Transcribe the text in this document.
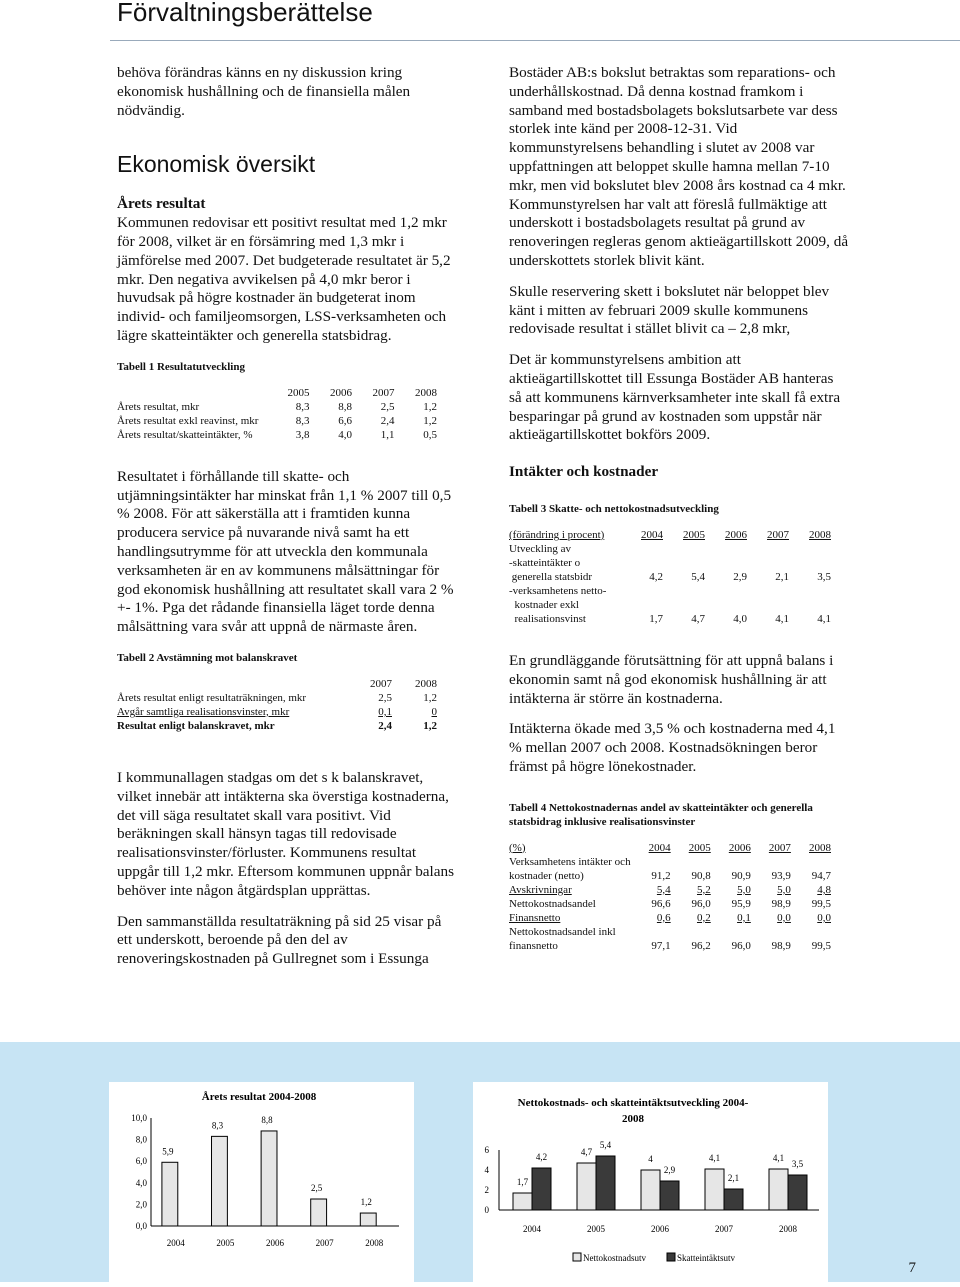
Förvaltningsberättelse

behöva förändras känns en ny diskussion kring ekonomisk hushållning och de finansiella målen nödvändig.

Ekonomisk översikt

Årets resultat

Kommunen redovisar ett positivt resultat med 1,2 mkr för 2008, vilket är en försämring med 1,3 mkr i jämförelse med 2007. Det budgeterade resultatet är 5,2 mkr. Den negativa avvikelsen på 4,0 mkr beror i huvudsak på högre kostnader än budgeterat inom individ- och familjeomsorgen, LSS-verksamheten och lägre skatteintäkter och generella statsbidrag.

Tabell 1 Resultatutveckling

	2005	2006	2007	2008
Årets resultat, mkr	8,3	8,8	2,5	1,2
Årets resultat exkl reavinst, mkr	8,3	6,6	2,4	1,2
Årets resultat/skatteintäkter, %	3,8	4,0	1,1	0,5

Resultatet i förhållande till skatte- och utjämningsintäkter har minskat från 1,1 % 2007 till 0,5 % 2008. För att säkerställa att i framtiden kunna producera service på nuvarande nivå samt ha ett handlingsutrymme för att utveckla den kommunala verksamheten är en av kommunens målsättningar för god ekonomisk hushållning att resultatet skall vara 2 % +- 1%. Pga det rådande finansiella läget torde denna målsättning vara svår att uppnå de närmaste åren.

Tabell 2 Avstämning mot balanskravet

	2007	2008
Årets resultat enligt resultaträkningen, mkr	2,5	1,2
Avgår samtliga realisationsvinster, mkr	0,1	0
Resultat enligt balanskravet, mkr	2,4	1,2

I kommunallagen stadgas om det s k balanskravet, vilket innebär att intäkterna ska överstiga kostnaderna, det vill säga resultatet skall vara positivt. Vid beräkningen skall hänsyn tagas till redovisade realisationsvinster/förluster. Kommunens resultat uppgår till 1,2 mkr. Eftersom kommunen uppnår balans behöver inte någon åtgärdsplan upprättas.

Den sammanställda resultaträkning på sid 25 visar på ett underskott, beroende på den del av renoveringskostnaden på Gullregnet som i Essunga

Bostäder AB:s bokslut betraktas som reparations- och underhållskostnad. Då denna kostnad framkom i samband med bostadsbolagets bokslutsarbete var dess storlek inte känd per 2008-12-31. Vid kommunstyrelsens behandling i slutet av 2008 var uppfattningen att beloppet skulle hamna mellan 7-10 mkr, men vid bokslutet blev 2008 års kostnad ca 4 mkr. Kommunstyrelsen har valt att föreslå fullmäktige att underskott i bostadsbolagets resultat på grund av renoveringen regleras genom aktieägartillskott 2009, då underskottets storlek blivit känt.

Skulle reservering skett i bokslutet när beloppet blev känt i mitten av februari 2009 skulle kommunens redovisade resultat i stället blivit ca – 2,8 mkr,

Det är kommunstyrelsens ambition att aktieägartillskottet till Essunga Bostäder AB hanteras så att kommunens kärnverksamheter inte skall få extra besparingar på grund av kostnaden som uppstår när aktieägartillskottet bokförs 2009.

Intäkter och kostnader

Tabell 3 Skatte- och nettokostnadsutveckling

(förändring i procent)	2004	2005	2006	2007	2008
Utveckling av					
-skatteintäkter o					
generella statsbidr	4,2	5,4	2,9	2,1	3,5
-verksamhetens netto-					
kostnader exkl					
realisationsvinst	1,7	4,7	4,0	4,1	4,1

En grundläggande förutsättning för att uppnå balans i ekonomin samt nå god ekonomisk hushållning är att intäkterna är större än kostnaderna.

Intäkterna ökade med 3,5 % och kostnaderna med 4,1 % mellan 2007 och 2008. Kostnadsökningen beror främst på högre lönekostnader.

Tabell 4 Nettokostnadernas andel av skatteintäkter och generella statsbidrag inklusive realisationsvinster

(%)	2004	2005	2006	2007	2008
Verksamhetens intäkter och					
kostnader (netto)	91,2	90,8	90,9	93,9	94,7
Avskrivningar	5,4	5,2	5,0	5,0	4,8
Nettokostnadsandel	96,6	96,0	95,9	98,9	99,5
Finansnetto	0,6	0,2	0,1	0,0	0,0
Nettokostnadsandel inkl					
finansnetto	97,1	96,2	96,0	98,9	99,5
Årets resultat 2004-2008
0,0
2,0
4,0
6,0
8,0
10,0
5,9
2004
8,3
2005
8,8
2006
2,5
2007
1,2
2008
Nettokostnads- och skatteintäktsutveckling 2004-
2008
0
2
4
6
1,7
4,2
2004
4,7
5,4
2005
4
2,9
2006
4,1
2,1
2007
4,1
3,5
2008
Nettokostnadsutv	Skatteintäktsutv
7
